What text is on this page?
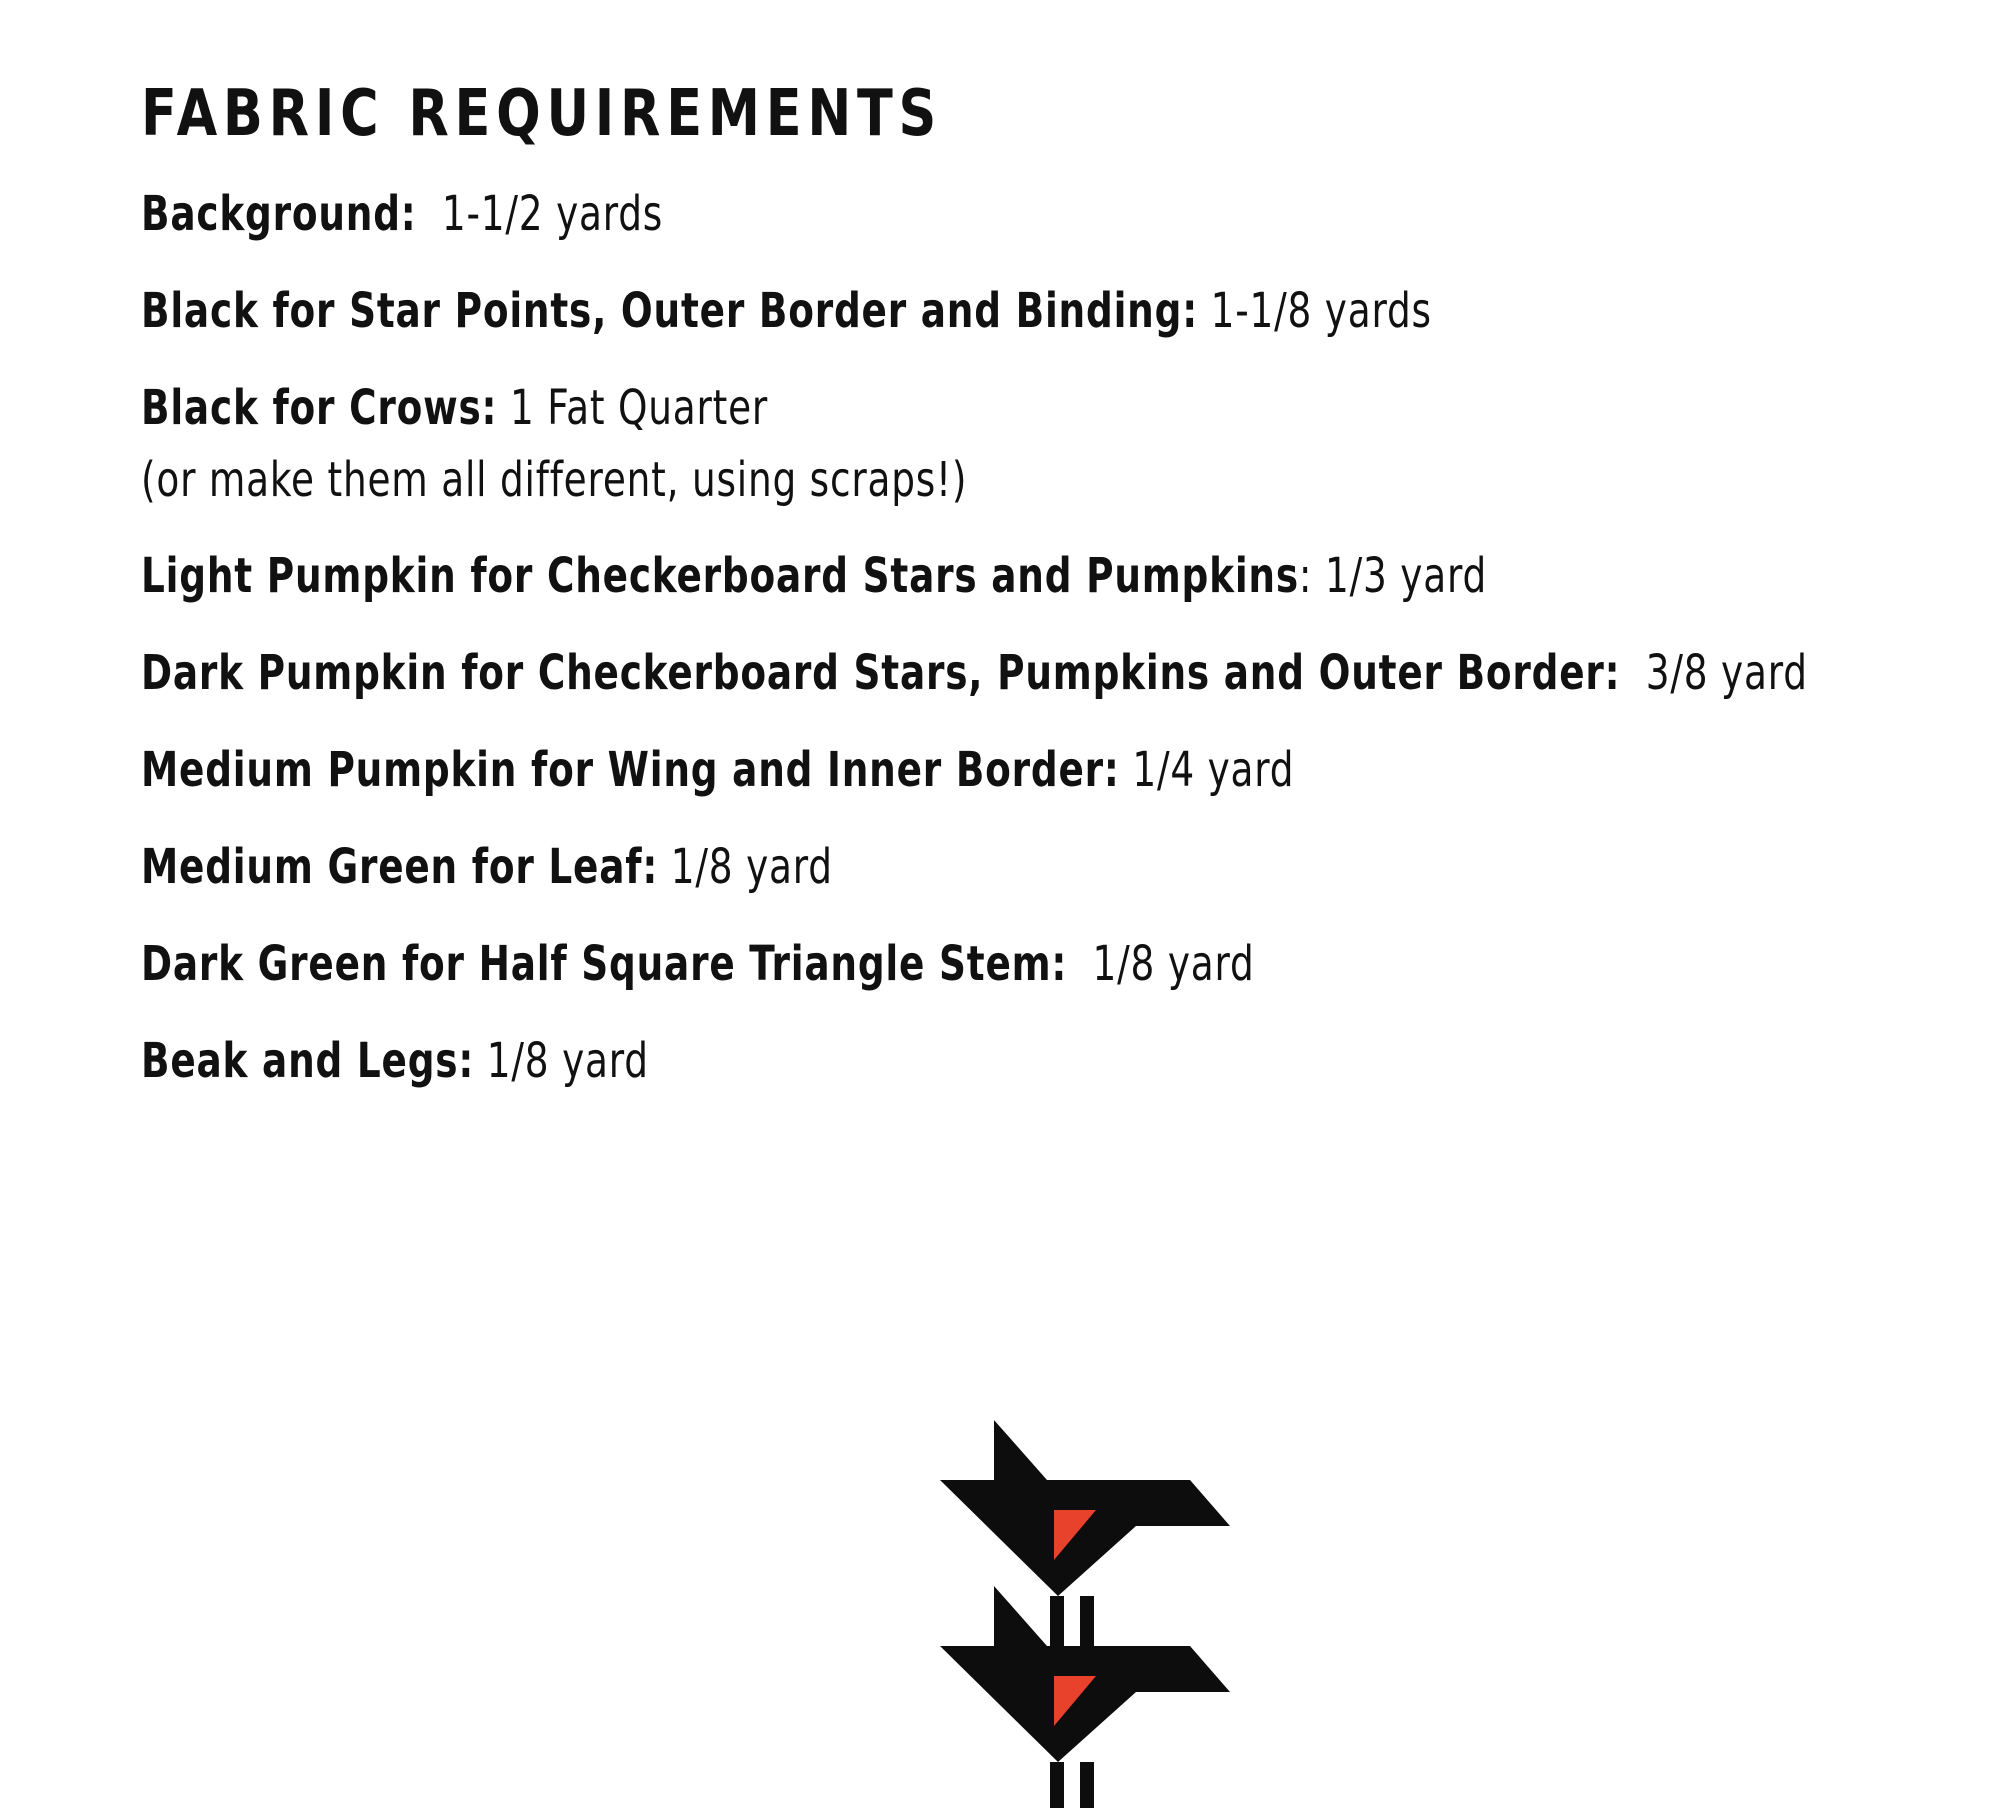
FABRIC REQUIREMENTS
Background: 1-1/2 yards
Black for Star Points, Outer Border and Binding: 1-1/8 yards
Black for Crows: 1 Fat Quarter
(or make them all different, using scraps!)
Light Pumpkin for Checkerboard Stars and Pumpkins: 1/3 yard
Dark Pumpkin for Checkerboard Stars, Pumpkins and Outer Border: 3/8 yard
Medium Pumpkin for Wing and Inner Border: 1/4 yard
Medium Green for Leaf: 1/8 yard
Dark Green for Half Square Triangle Stem: 1/8 yard
Beak and Legs: 1/8 yard
